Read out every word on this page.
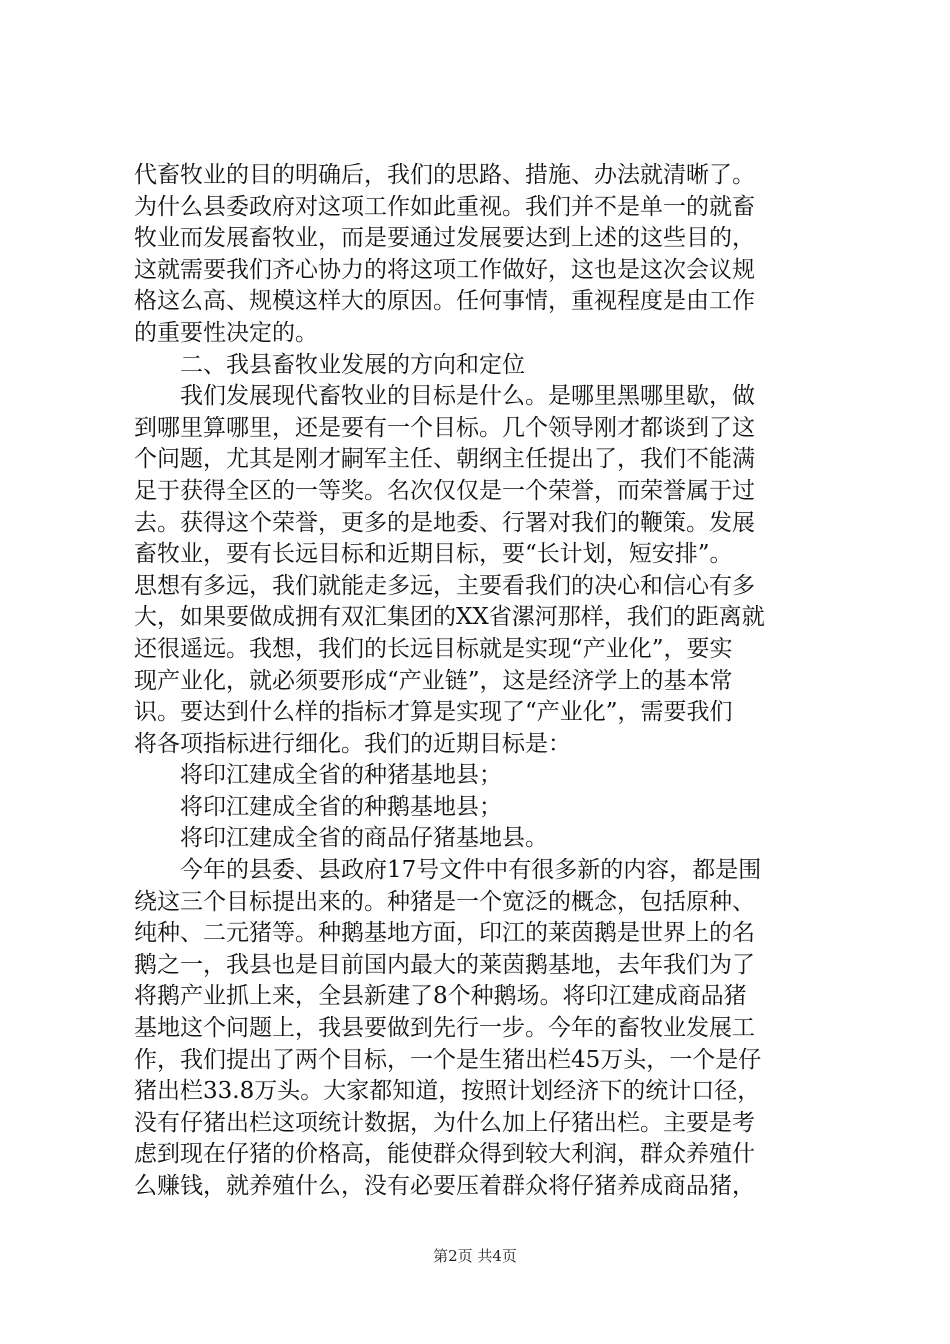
代畜牧业的目的明确后，我们的思路、措施、办法就清晰了。
为什么县委政府对这项工作如此重视。我们并不是单一的就畜
牧业而发展畜牧业，而是要通过发展要达到上述的这些目的，
这就需要我们齐心协力的将这项工作做好，这也是这次会议规
格这么高、规模这样大的原因。任何事情，重视程度是由工作
的重要性决定的。
　　二、我县畜牧业发展的方向和定位
　　我们发展现代畜牧业的目标是什么。是哪里黑哪里歇，做
到哪里算哪里，还是要有一个目标。几个领导刚才都谈到了这
个问题，尤其是刚才嗣军主任、朝纲主任提出了，我们不能满
足于获得全区的一等奖。名次仅仅是一个荣誉，而荣誉属于过
去。获得这个荣誉，更多的是地委、行署对我们的鞭策。发展
畜牧业，要有长远目标和近期目标，要“长计划，短安排”。
思想有多远，我们就能走多远，主要看我们的决心和信心有多
大，如果要做成拥有双汇集团的XX省漯河那样，我们的距离就
还很遥远。我想，我们的长远目标就是实现“产业化”，要实
现产业化，就必须要形成“产业链”，这是经济学上的基本常
识。要达到什么样的指标才算是实现了“产业化”，需要我们
将各项指标进行细化。我们的近期目标是：
　　将印江建成全省的种猪基地县；
　　将印江建成全省的种鹅基地县；
　　将印江建成全省的商品仔猪基地县。
　　今年的县委、县政府17号文件中有很多新的内容，都是围
绕这三个目标提出来的。种猪是一个宽泛的概念，包括原种、
纯种、二元猪等。种鹅基地方面，印江的莱茵鹅是世界上的名
鹅之一，我县也是目前国内最大的莱茵鹅基地，去年我们为了
将鹅产业抓上来，全县新建了8个种鹅场。将印江建成商品猪
基地这个问题上，我县要做到先行一步。今年的畜牧业发展工
作，我们提出了两个目标，一个是生猪出栏45万头，一个是仔
猪出栏33.8万头。大家都知道，按照计划经济下的统计口径，
没有仔猪出栏这项统计数据，为什么加上仔猪出栏。主要是考
虑到现在仔猪的价格高，能使群众得到较大利润，群众养殖什
么赚钱，就养殖什么，没有必要压着群众将仔猪养成商品猪，
第2页 共4页
